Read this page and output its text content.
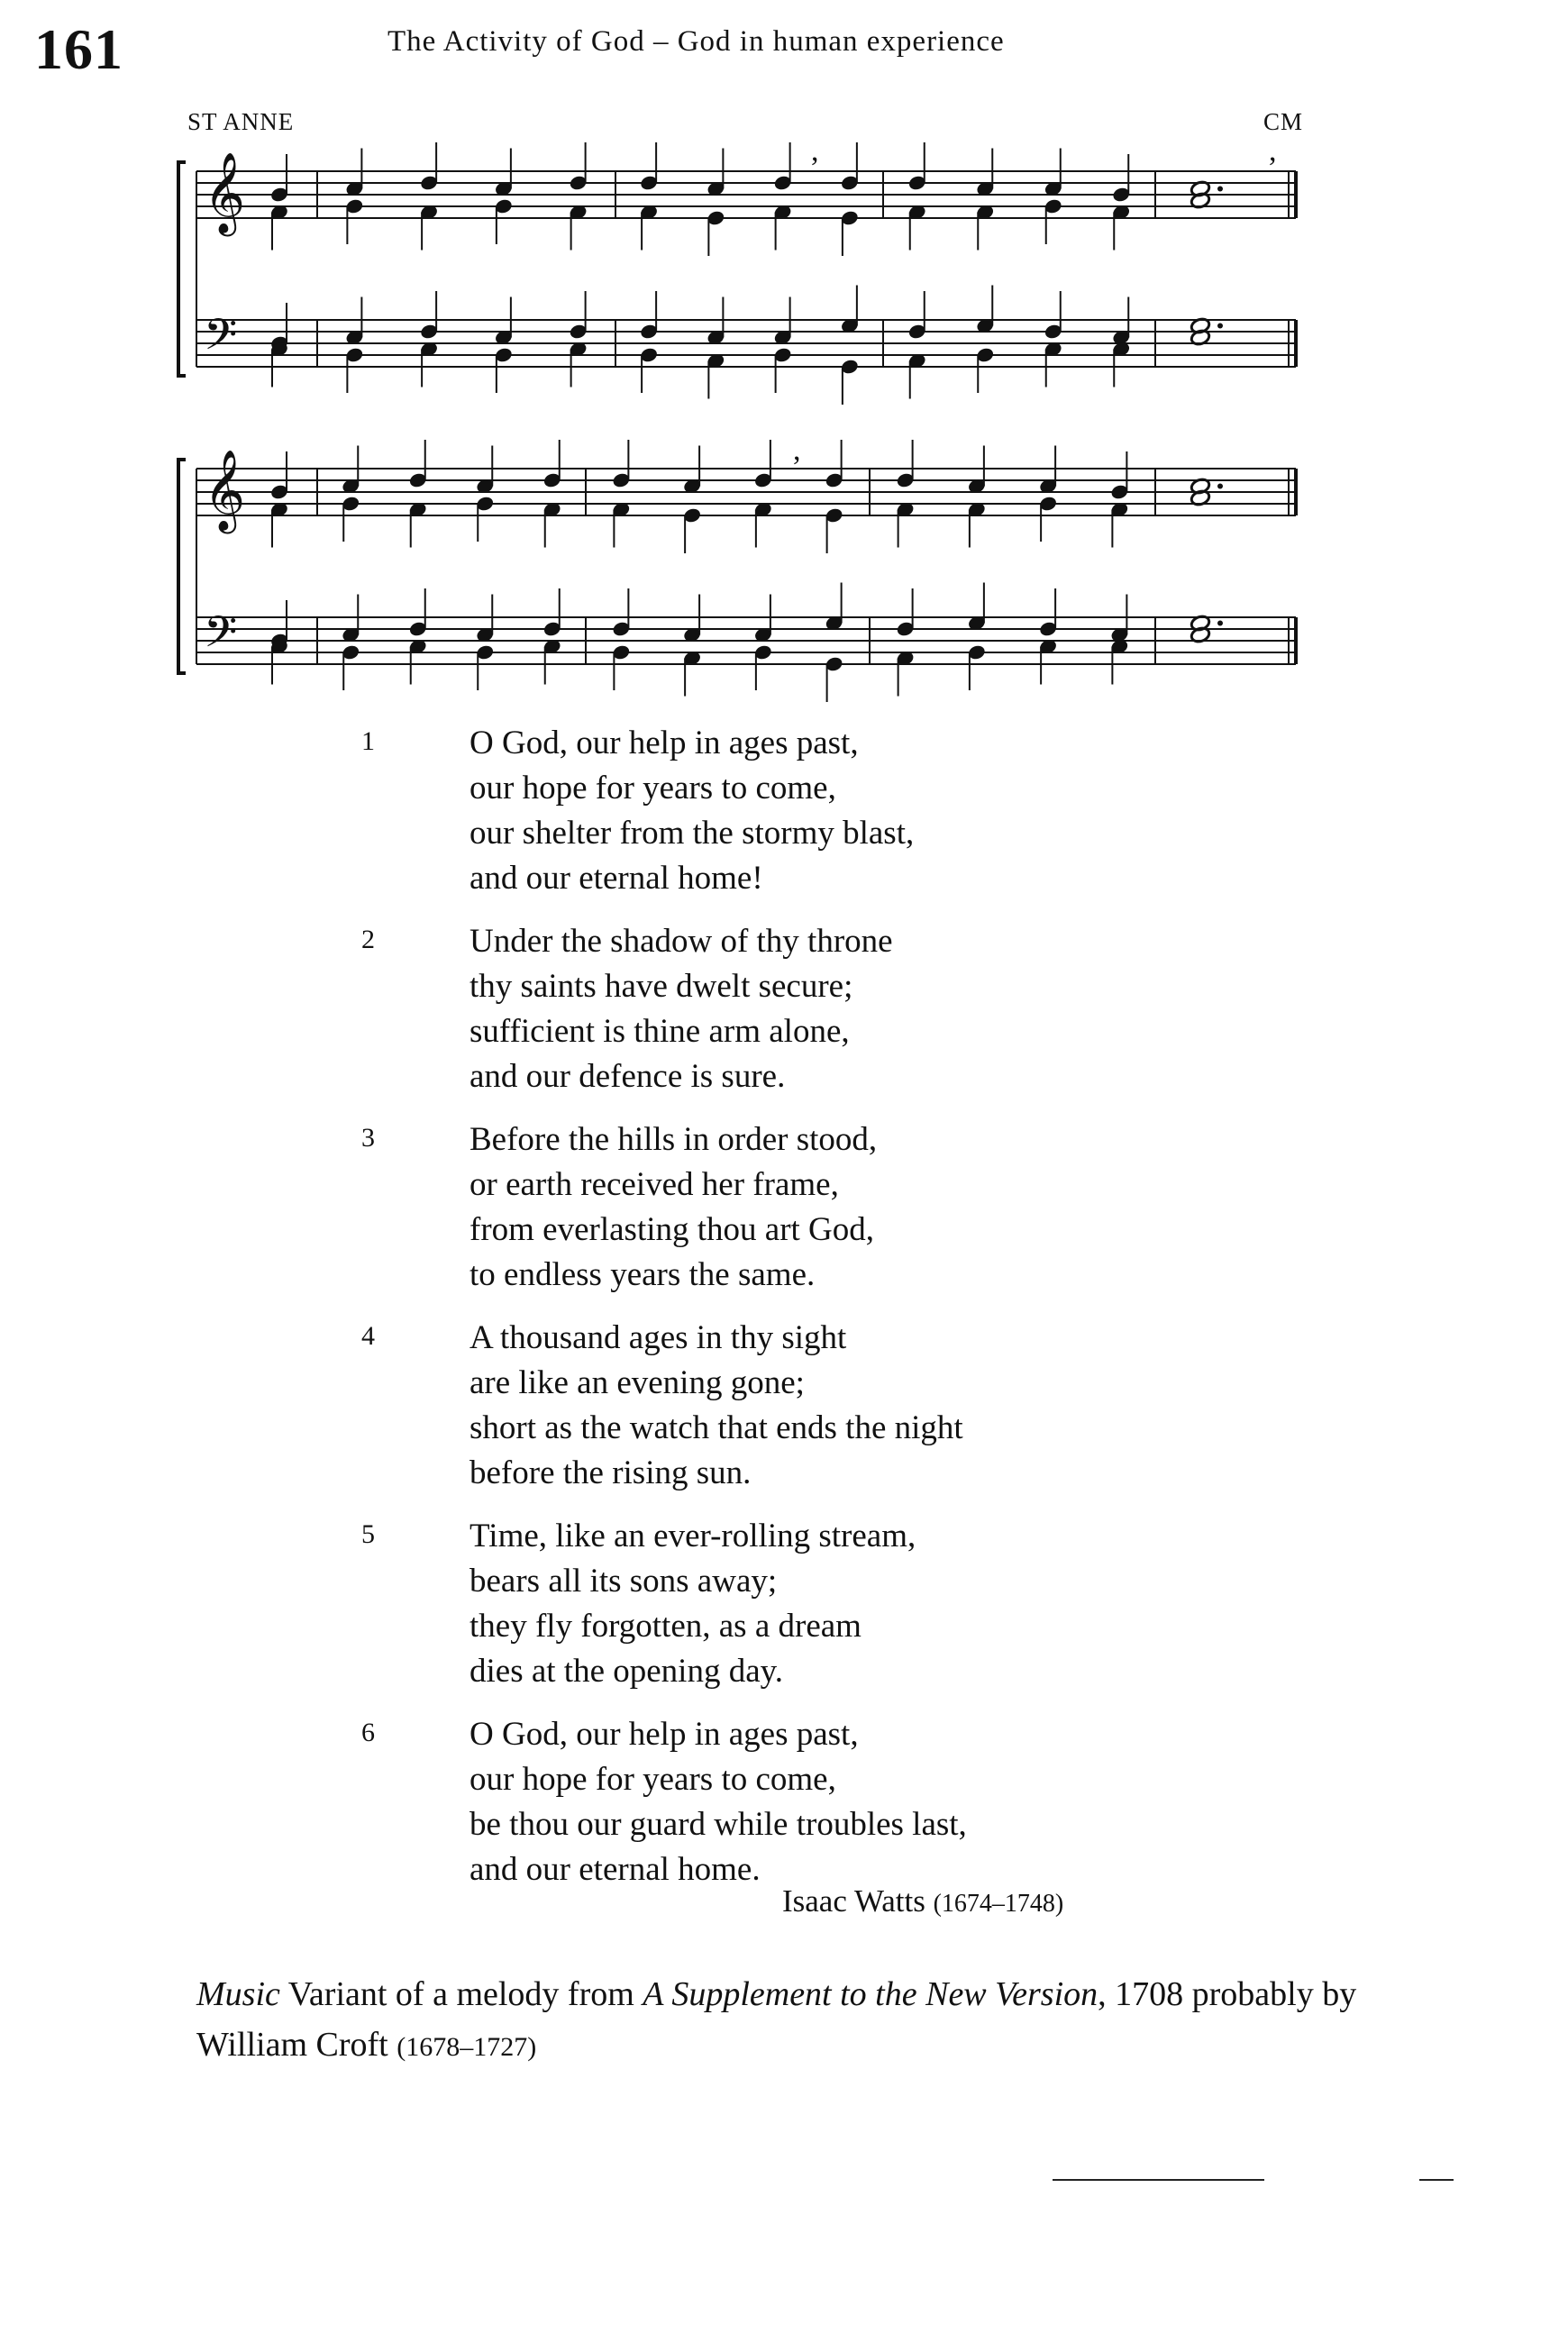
161	The Activity of God – God in human experience
ST ANNE	CM
𝄞
𝄢
,	,
𝄞
𝄢
,
1	O God, our help in ages past,
our hope for years to come,
our shelter from the stormy blast,
and our eternal home!
2	Under the shadow of thy throne
thy saints have dwelt secure;
sufficient is thine arm alone,
and our defence is sure.
3	Before the hills in order stood,
or earth received her frame,
from everlasting thou art God,
to endless years the same.
4	A thousand ages in thy sight
are like an evening gone;
short as the watch that ends the night
before the rising sun.
5	Time, like an ever-rolling stream,
bears all its sons away;
they fly forgotten, as a dream
dies at the opening day.
6	O God, our help in ages past,
our hope for years to come,
be thou our guard while troubles last,
and our eternal home.
Isaac Watts (1674–1748)
Music Variant of a melody from A Supplement to the New Version, 1708 probably by William Croft (1678–1727)
